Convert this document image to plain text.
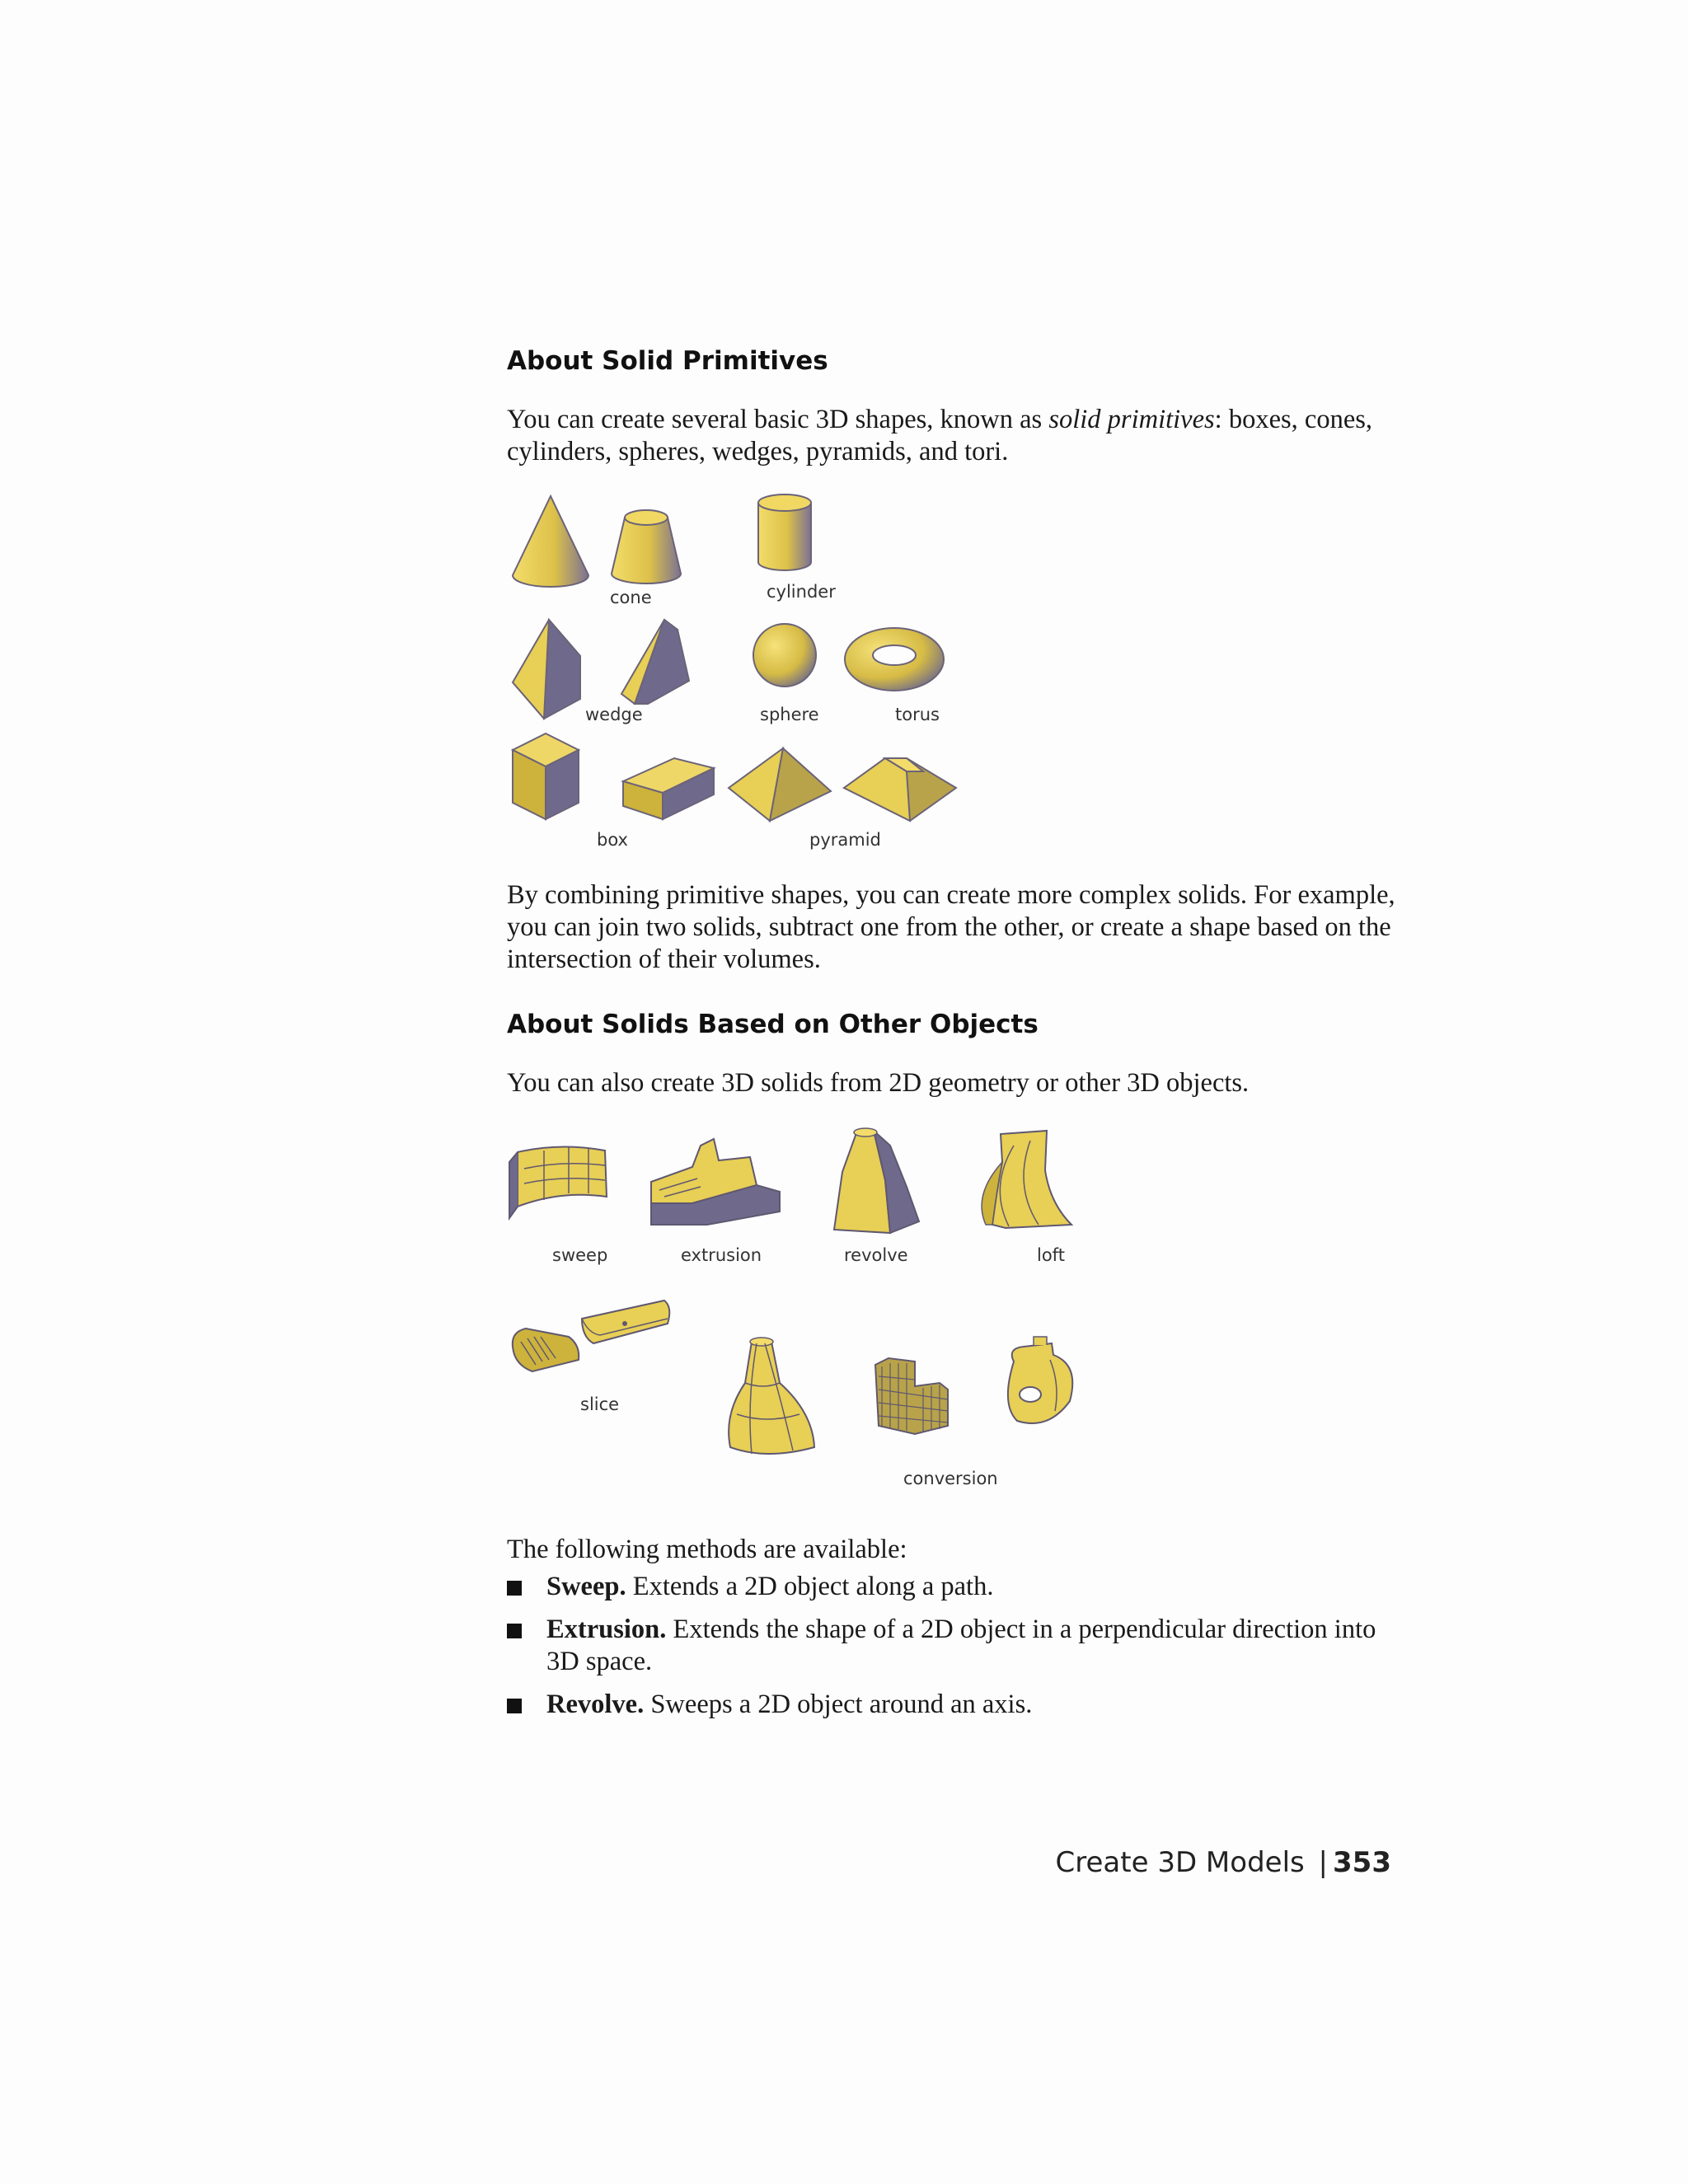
About Solid Primitives
You can create several basic 3D shapes, known as solid primitives: boxes, cones, cylinders, spheres, wedges, pyramids, and tori.
cone	cylinder
wedge	sphere	torus
box	pyramid
By combining primitive shapes, you can create more complex solids. For example, you can join two solids, subtract one from the other, or create a shape based on the intersection of their volumes.
About Solids Based on Other Objects
You can also create 3D solids from 2D geometry or other 3D objects.
sweep	extrusion	revolve	loft
slice
conversion
The following methods are available:
Sweep. Extends a 2D object along a path.
Extrusion. Extends the shape of a 2D object in a perpendicular direction into 3D space.
Revolve. Sweeps a 2D object around an axis.
Create 3D Models | 353
